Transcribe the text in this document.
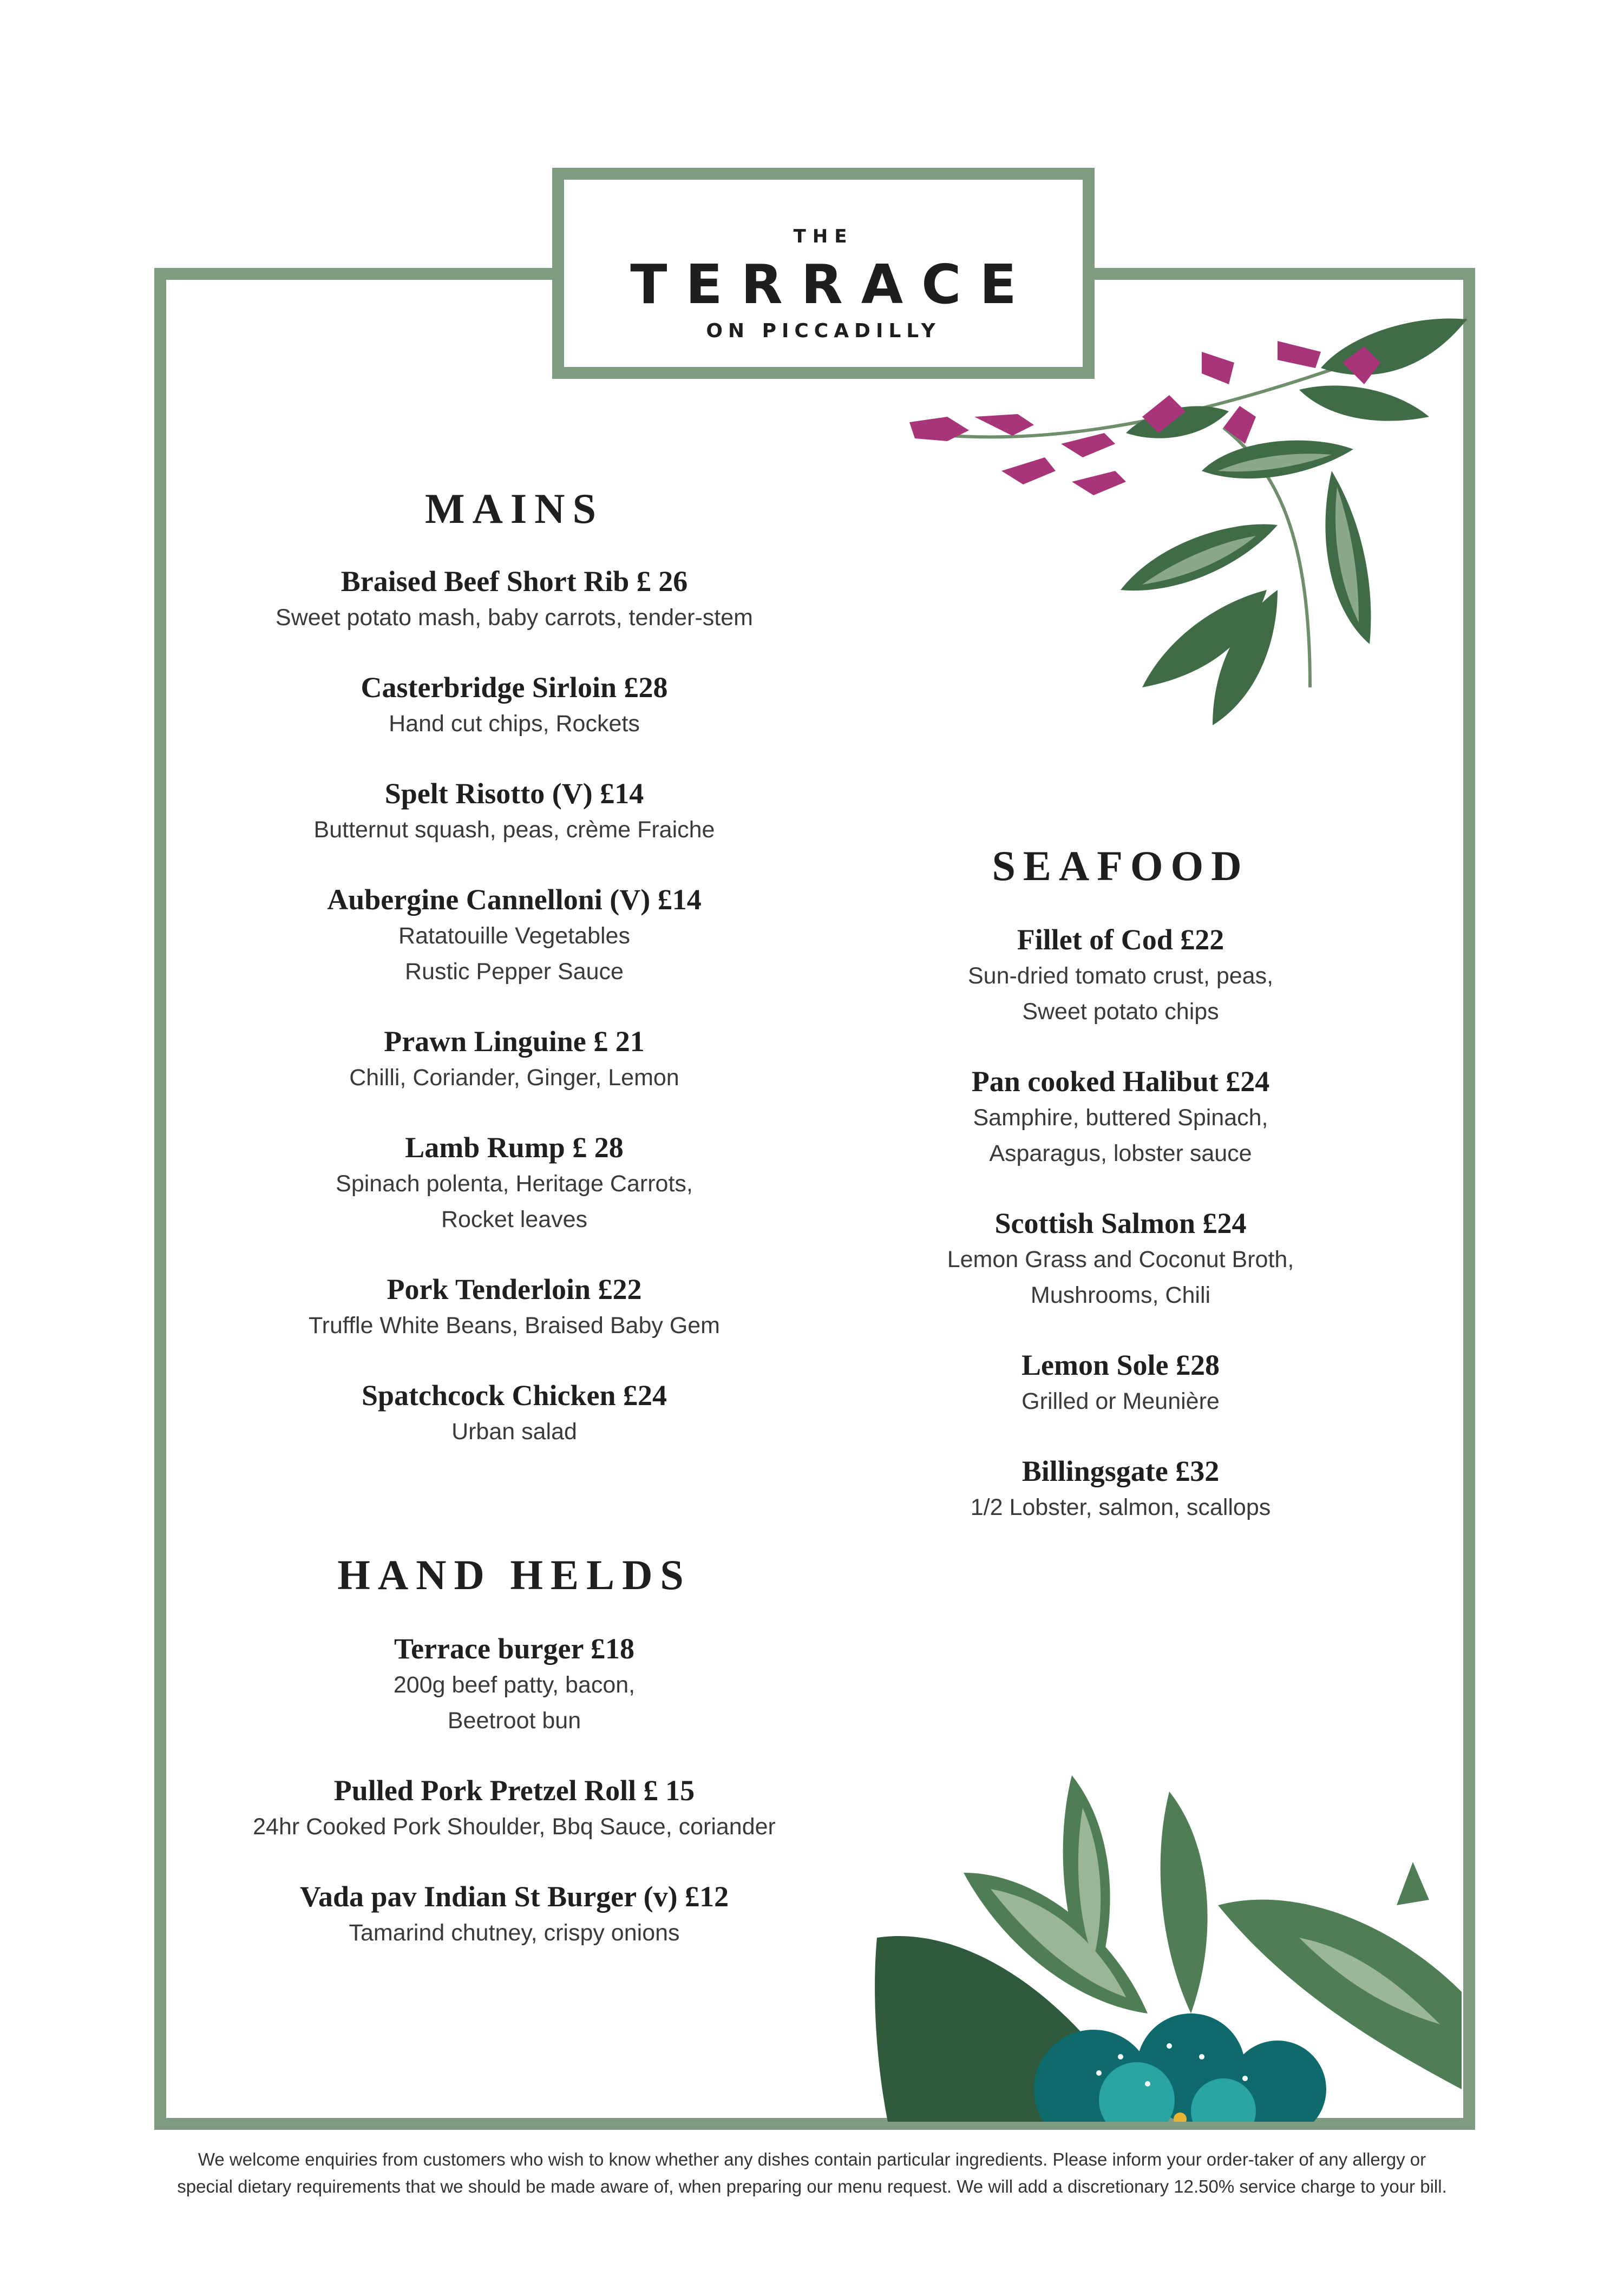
THE
TERRACE
ON PICCADILLY
MAINS
Braised Beef Short Rib £ 26
Sweet potato mash, baby carrots, tender-stem
Casterbridge Sirloin £28
Hand cut chips, Rockets
Spelt Risotto (V) £14
Butternut squash, peas, crème Fraiche
Aubergine Cannelloni (V) £14
Ratatouille Vegetables
Rustic Pepper Sauce
Prawn Linguine £ 21
Chilli, Coriander, Ginger, Lemon
Lamb Rump £ 28
Spinach polenta, Heritage Carrots,
Rocket leaves
Pork Tenderloin £22
Truffle White Beans, Braised Baby Gem
Spatchcock Chicken £24
Urban salad
HAND HELDS
Terrace burger £18
200g beef patty, bacon,
Beetroot bun
Pulled Pork Pretzel Roll £ 15
24hr Cooked Pork Shoulder, Bbq Sauce, coriander
Vada pav Indian St Burger (v) £12
Tamarind chutney, crispy onions
SEAFOOD
Fillet of Cod £22
Sun-dried tomato crust, peas,
Sweet potato chips
Pan cooked Halibut £24
Samphire, buttered Spinach,
Asparagus, lobster sauce
Scottish Salmon £24
Lemon Grass and Coconut Broth,
Mushrooms, Chili
Lemon Sole £28
Grilled or Meunière
Billingsgate £32
1/2 Lobster, salmon, scallops
We welcome enquiries from customers who wish to know whether any dishes contain particular ingredients. Please inform your order-taker of any allergy or
special dietary requirements that we should be made aware of, when preparing our menu request. We will add a discretionary 12.50% service charge to your bill.
